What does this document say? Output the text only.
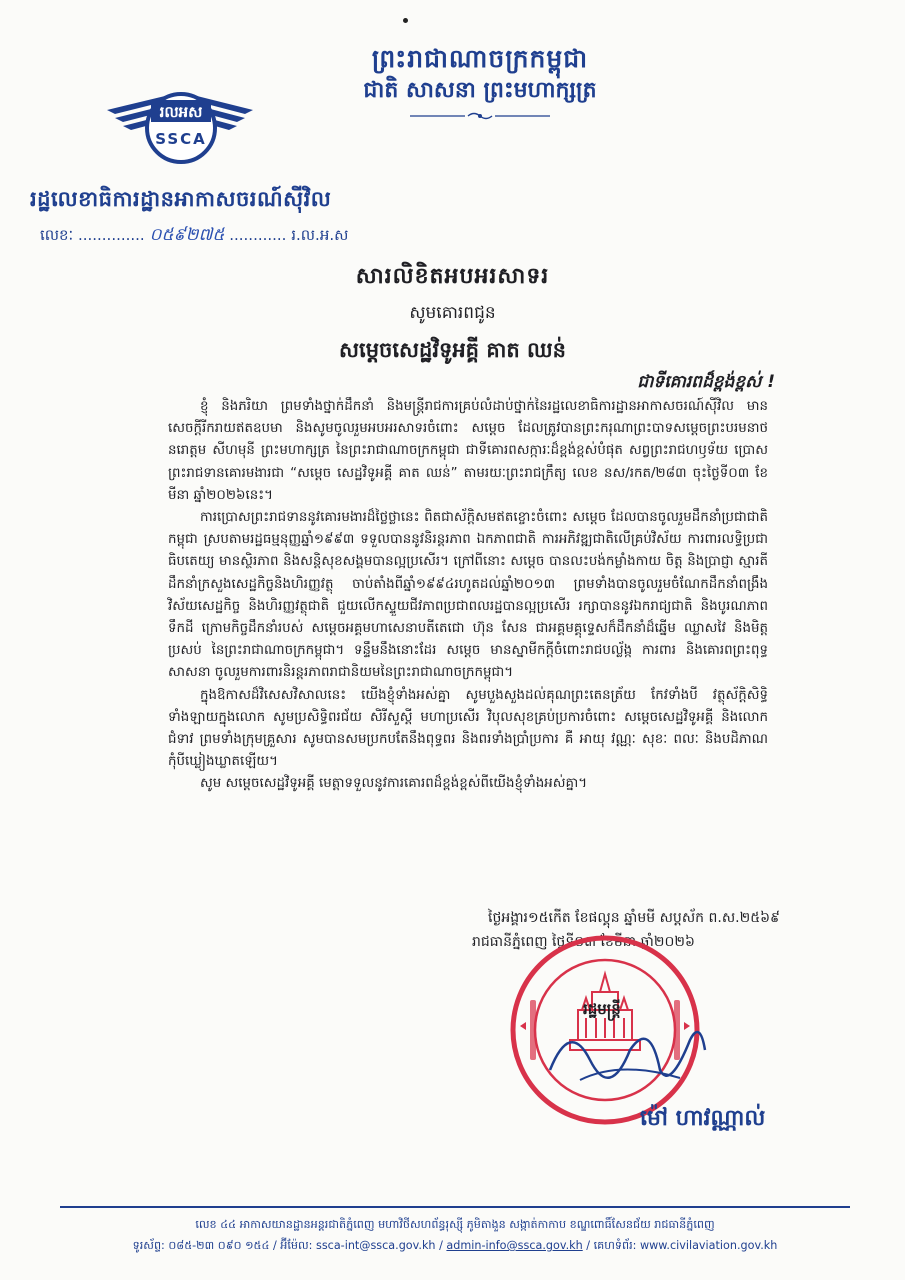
រលអស
SSCA
ព្រះរាជាណាចក្រកម្ពុជា
ជាតិ សាសនា ព្រះមហាក្សត្រ
រដ្ឋលេខាធិការដ្ឋានអាកាសចរណ៍ស៊ីវិល
លេខៈ .............. ០៥៩២៧៥ ............ រ.ល.អ.ស
សារលិខិតអបអរសាទរ
សូមគោរពជូន
សម្តេចសេដ្ឋវិទូអគ្គី គាត ឈន់
ជាទីគោរពដ៏ខ្ពង់ខ្ពស់ !

ខ្ញុំ និងភរិយា ព្រមទាំងថ្នាក់ដឹកនាំ និងមន្ត្រីរាជការគ្រប់លំដាប់ថ្នាក់នៃរដ្ឋលេខាធិការដ្ឋានអាកាសចរណ៍ស៊ីវិល មានសេចក្តីរីករាយឥតឧបមា និងសូមចូលរួមអបអរសាទរចំពោះ សម្តេច ដែលត្រូវបានព្រះករុណាព្រះបាទសម្តេចព្រះបរមនាថ នរោត្តម សីហមុនី ព្រះមហាក្សត្រ នៃព្រះរាជាណាចក្រកម្ពុជា ជាទីគោរពសក្ការៈដ៏ខ្ពង់ខ្ពស់បំផុត សព្វព្រះរាជហឫទ័យ ប្រោសព្រះរាជទានគោរមងារជា “សម្តេច សេដ្ឋវិទូអគ្គី គាត ឈន់” តាមរយៈព្រះរាជក្រឹត្យ លេខ នស/រកត/២៨៣ ចុះថ្ងៃទី០៣ ខែមីនា ឆ្នាំ២០២៦នេះ។

ការប្រោសព្រះរាជទាននូវគោរមងារដ៏ថ្លៃថ្លានេះ ពិតជាស័ក្តិសមឥតខ្ចោះចំពោះ សម្តេច ដែលបានចូលរួមដឹកនាំប្រជាជាតិកម្ពុជា ស្របតាមរដ្ឋធម្មនុញ្ញឆ្នាំ១៩៩៣ ទទួលបាននូវនិរន្តរភាព ឯកភាពជាតិ ការអភិវឌ្ឍជាតិលើគ្រប់វិស័យ ការពារលទ្ធិប្រជាធិបតេយ្យ មានស្ថិរភាព និងសន្តិសុខសង្គមបានល្អប្រសើរ។ ក្រៅពីនោះ សម្តេច បានលះបង់កម្លាំងកាយ ចិត្ត និងប្រាជ្ញា ស្មារតី ដឹកនាំក្រសួងសេដ្ឋកិច្ចនិងហិរញ្ញវត្ថុ ចាប់តាំងពីឆ្នាំ១៩៩៤រហូតដល់ឆ្នាំ២០១៣ ព្រមទាំងបានចូលរួមចំណែកដឹកនាំពង្រឹងវិស័យសេដ្ឋកិច្ច និងហិរញ្ញវត្ថុជាតិ ជួយលើកស្ទួយជីវភាពប្រជាពលរដ្ឋបានល្អប្រសើរ រក្សាបាននូវឯករាជ្យជាតិ និងបូរណភាពទឹកដី ក្រោមកិច្ចដឹកនាំរបស់ សម្តេចអគ្គមហាសេនាបតីតេជោ ហ៊ុន សែន ជាអគ្គមគ្គុទ្ទេសក៏ដឹកនាំដ៏ឆ្នើម ឈ្លាសវៃ និងមិត្តប្រសប់ នៃព្រះរាជាណាចក្រកម្ពុជា។ ទន្ទឹមនឹងនោះដែរ សម្តេច មានស្នាមីកក្តីចំពោះរាជបល្ល័ង្ក ការពារ និងគោរពព្រះពុទ្ធសាសនា ចូលរួមការពារនិរន្តរភាពរាជានិយមនៃព្រះរាជាណាចក្រកម្ពុជា។

ក្នុងឱកាសដ៏វិសេសវិសាលនេះ យើងខ្ញុំទាំងអស់គ្នា សូមបួងសួងដល់គុណព្រះតេនត្រ័យ កែវទាំងបី វត្ថុស័ក្តិសិទ្ធិទាំងឡាយក្នុងលោក សូមប្រសិទ្ធិពរជ័យ សិរីសួស្តី មហាប្រសើរ វិបុលសុខគ្រប់ប្រការចំពោះ សម្តេចសេដ្ឋវិទូអគ្គី និងលោកជំទាវ ព្រមទាំងក្រុមគ្រួសារ សូមបានសមប្រកបតែនឹងពុទ្ធពរ និងពរទាំងប្រាំប្រការ គឺ អាយុ វណ្ណៈ សុខៈ ពលៈ និងបដិភាណ កុំបីឃ្លៀងឃ្លាតឡើយ។

សូម សម្តេចសេដ្ឋវិទូអគ្គី មេត្តាទទួលនូវការគោរពដ៏ខ្ពង់ខ្ពស់ពីយើងខ្ញុំទាំងអស់គ្នា។

ថ្ងៃអង្គារ១៥កើត ខែផល្គុន ឆ្នាំមមី សប្តស័ក ព.ស.២៥៦៩
រាជធានីភ្នំពេញ ថ្ងៃទី០៣ ខែមីនា ឆ្នាំ២០២៦
រដ្ឋមន្ត្រី
ម៉ៅ ហាវណ្ណាល់
លេខ ៤៤ អាកាសយានដ្ឋានអន្តរជាតិភ្នំពេញ មហាវិថីសហព័ន្ធរុស្ស៊ី ភូមិតាងួន សង្កាត់កាកាប ខណ្ឌពោធិ៍សែនជ័យ រាជធានីភ្នំពេញ
ទូរស័ព្ទ: ០៨៥-២៣ ០៩០ ១៥៤ / អ៊ីម៉ែល: ssca-int@ssca.gov.kh / admin-info@ssca.gov.kh / គេហទំព័រ: www.civilaviation.gov.kh
